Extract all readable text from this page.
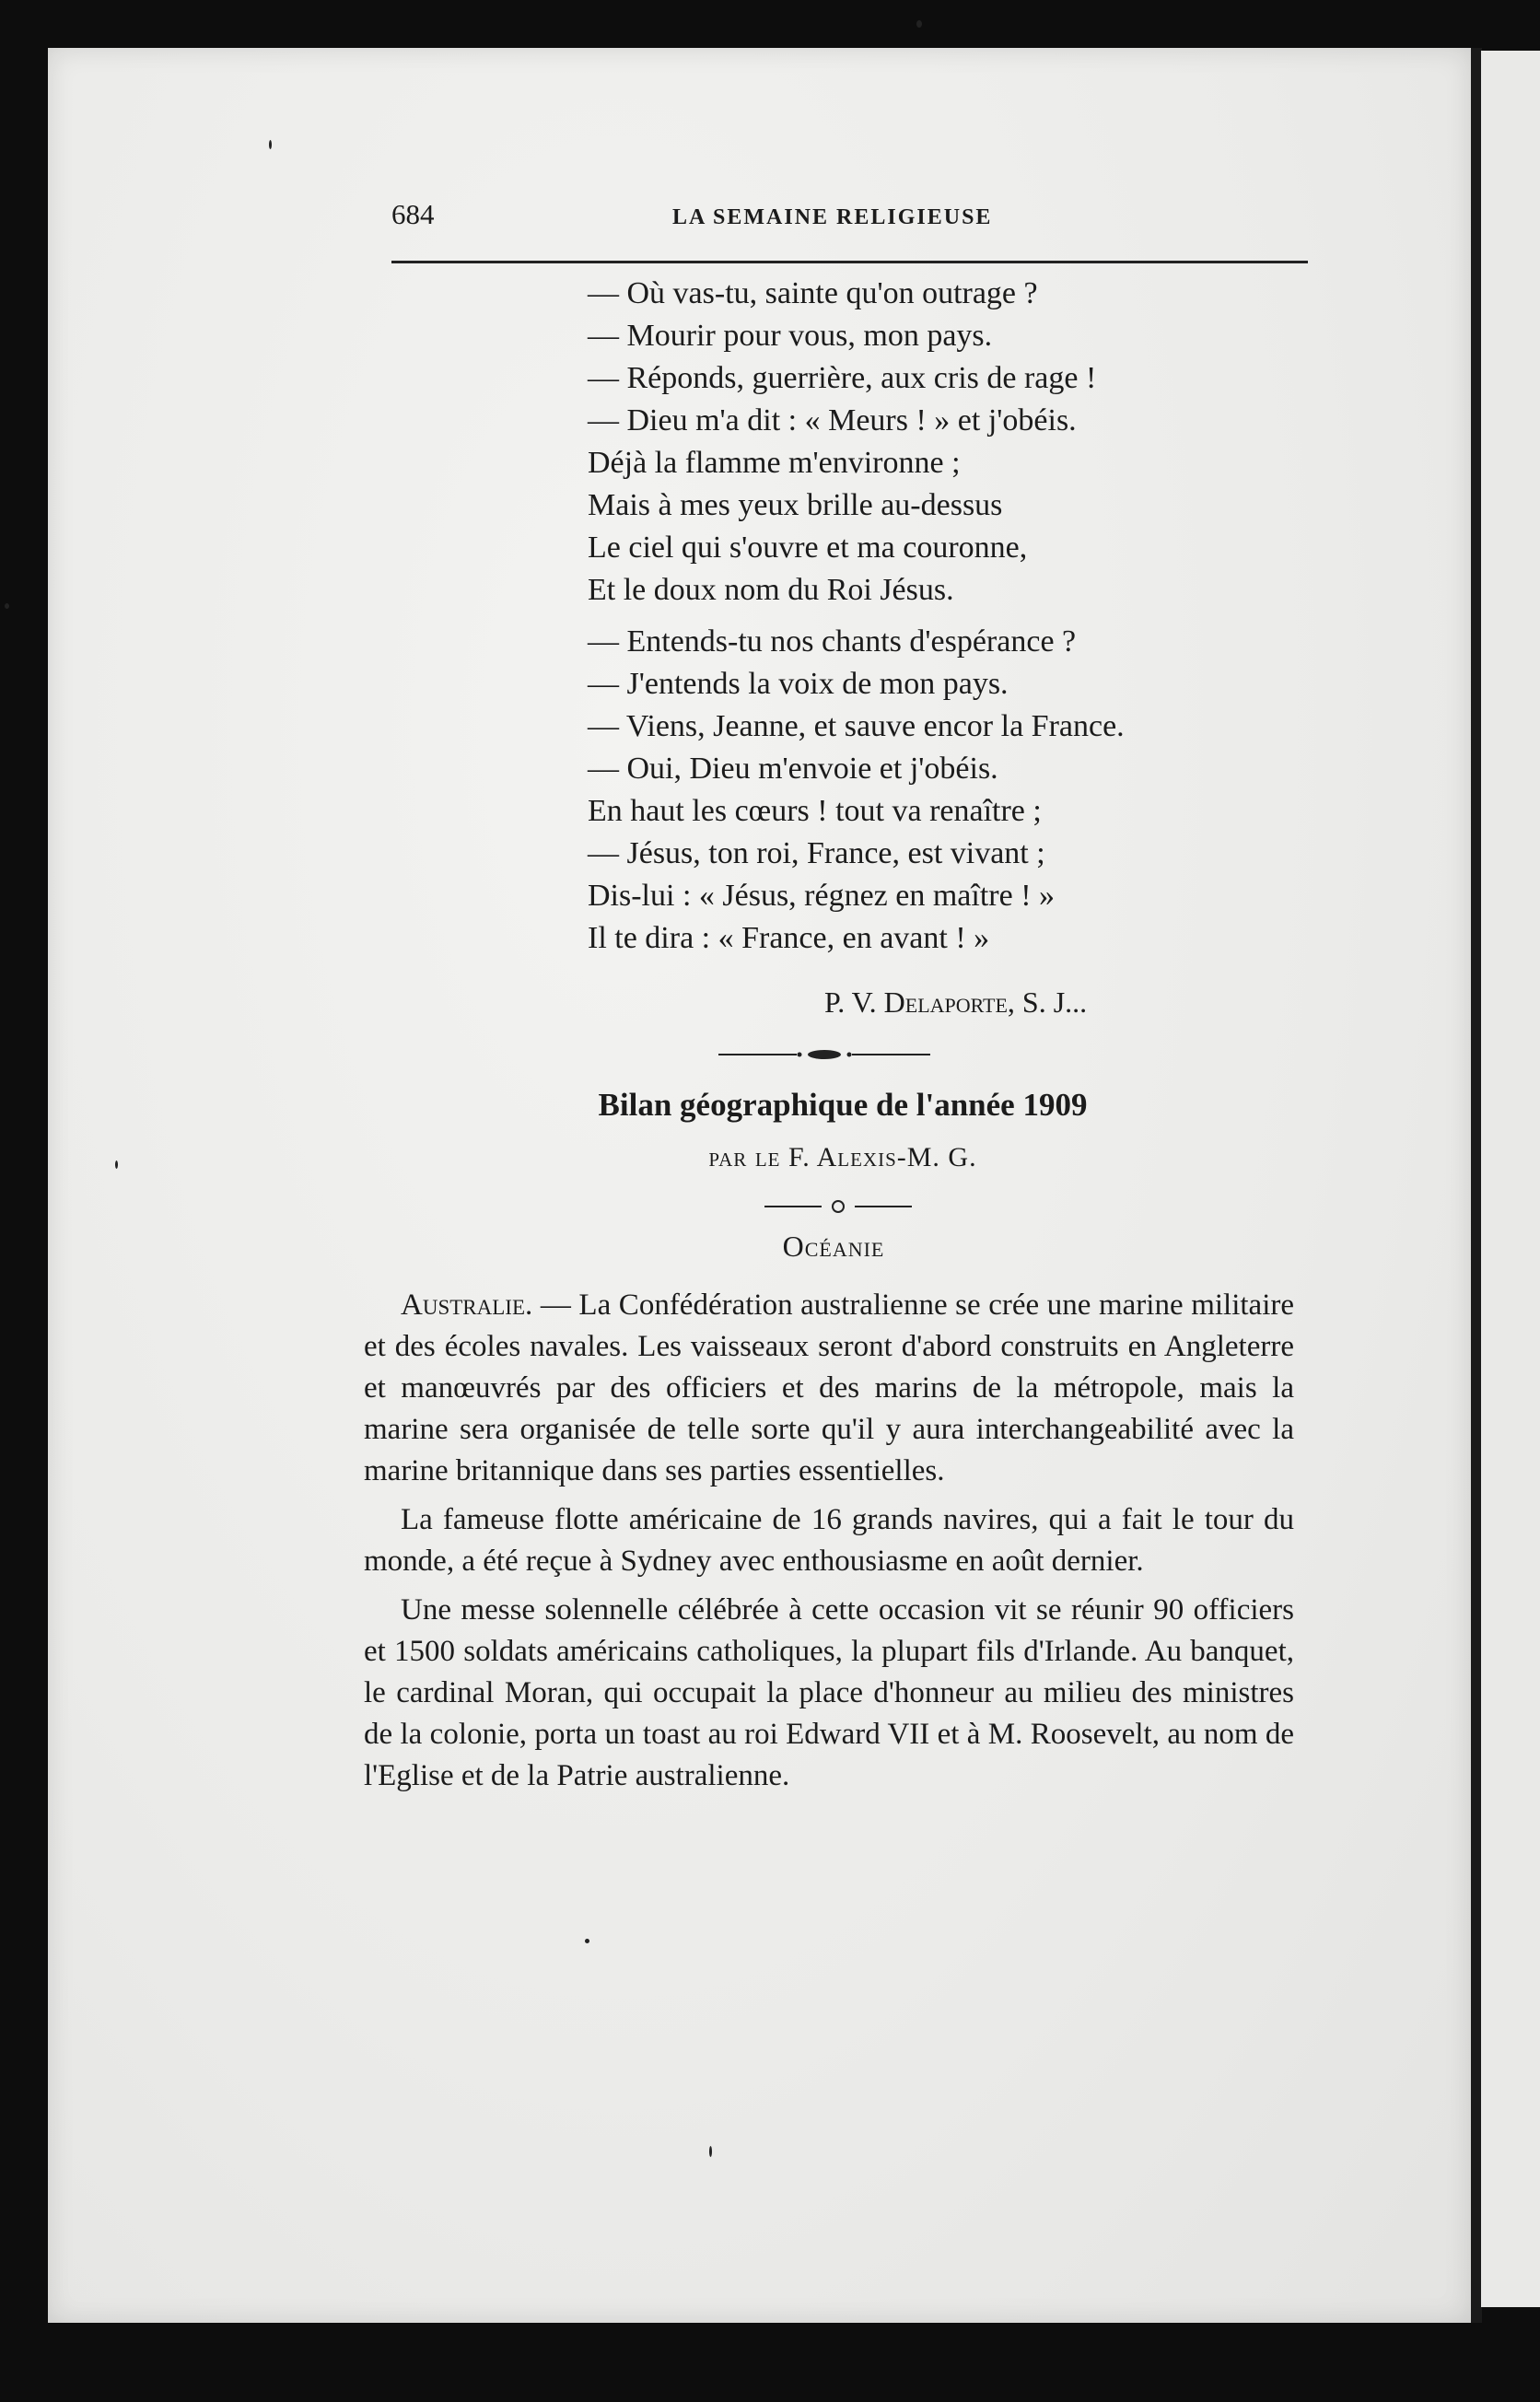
684	LA SEMAINE RELIGIEUSE
— Où vas-tu, sainte qu'on outrage ?
— Mourir pour vous, mon pays.
— Réponds, guerrière, aux cris de rage !
— Dieu m'a dit : « Meurs ! » et j'obéis.
Déjà la flamme m'environne ;
Mais à mes yeux brille au-dessus
Le ciel qui s'ouvre et ma couronne,
Et le doux nom du Roi Jésus.
— Entends-tu nos chants d'espérance ?
— J'entends la voix de mon pays.
— Viens, Jeanne, et sauve encor la France.
— Oui, Dieu m'envoie et j'obéis.
En haut les cœurs ! tout va renaître ;
— Jésus, ton roi, France, est vivant ;
Dis-lui : « Jésus, régnez en maître ! »
Il te dira : « France, en avant ! »
P. V. Delaporte, S. J...
Bilan géographique de l'année 1909
par le F. Alexis-M. G.
Océanie

Australie. — La Confédération australienne se crée une marine militaire et des écoles navales. Les vaisseaux seront d'abord construits en Angleterre et manœuvrés par des officiers et des marins de la métropole, mais la marine sera organisée de telle sorte qu'il y aura interchangeabilité avec la marine britannique dans ses parties essentielles.

La fameuse flotte américaine de 16 grands navires, qui a fait le tour du monde, a été reçue à Sydney avec enthousiasme en août dernier.

Une messe solennelle célébrée à cette occasion vit se réunir 90 officiers et 1500 soldats américains catholiques, la plupart fils d'Irlande. Au banquet, le cardinal Moran, qui occupait la place d'honneur au milieu des ministres de la colonie, porta un toast au roi Edward VII et à M. Roosevelt, au nom de l'Eglise et de la Patrie australienne.
